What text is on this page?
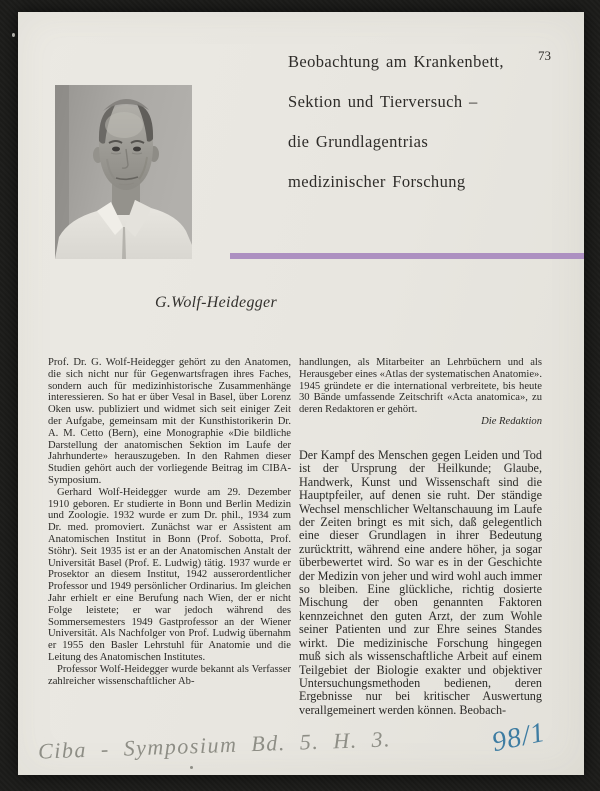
G.Wolf-Heidegger
Beobachtung am Krankenbett,
Sektion und Tierversuch –
die Grundlagentrias
medizinischer Forschung
73

Prof. Dr. G. Wolf-Heidegger gehört zu den Anatomen, die sich nicht nur für Gegenwartsfragen ihres Faches, sondern auch für medizinhistorische Zusammenhänge interessieren. So hat er über Vesal in Basel, über Lorenz Oken usw. publiziert und widmet sich seit einiger Zeit der Aufgabe, gemeinsam mit der Kunsthistorikerin Dr. A. M. Cetto (Bern), eine Monographie «Die bildliche Darstellung der anatomischen Sektion im Laufe der Jahrhunderte» herauszugeben. In den Rahmen dieser Studien gehört auch der vorliegende Beitrag im CIBA-Symposium.

Gerhard Wolf-Heidegger wurde am 29. Dezember 1910 geboren. Er studierte in Bonn und Berlin Medizin und Zoologie. 1932 wurde er zum Dr. phil., 1934 zum Dr. med. promoviert. Zunächst war er Assistent am Anatomischen Institut in Bonn (Prof. Sobotta, Prof. Stöhr). Seit 1935 ist er an der Anatomischen Anstalt der Universität Basel (Prof. E. Ludwig) tätig. 1937 wurde er Prosektor an diesem Institut, 1942 ausserordentlicher Professor und 1949 persönlicher Ordinarius. Im gleichen Jahr erhielt er eine Berufung nach Wien, der er nicht Folge leistete; er war jedoch während des Sommersemesters 1949 Gastprofessor an der Wiener Universität. Als Nachfolger von Prof. Ludwig übernahm er 1955 den Basler Lehrstuhl für Anatomie und die Leitung des Anatomischen Institutes.

Professor Wolf-Heidegger wurde bekannt als Verfasser zahlreicher wissenschaftlicher Ab-

handlungen, als Mitarbeiter an Lehrbüchern und als Herausgeber eines «Atlas der systematischen Anatomie». 1945 gründete er die international verbreitete, bis heute 30 Bände umfassende Zeitschrift «Acta anatomica», zu deren Redaktoren er gehört.
Die Redaktion

Der Kampf des Menschen gegen Leiden und Tod ist der Ursprung der Heilkunde; Glaube, Handwerk, Kunst und Wissenschaft sind die Hauptpfeiler, auf denen sie ruht. Der ständige Wechsel menschlicher Weltanschauung im Laufe der Zeiten bringt es mit sich, daß gelegentlich eine dieser Grundlagen in ihrer Bedeutung zurücktritt, während eine andere höher, ja sogar überbewertet wird. So war es in der Geschichte der Medizin von jeher und wird wohl auch immer so bleiben. Eine glückliche, richtig dosierte Mischung der oben genannten Faktoren kennzeichnet den guten Arzt, der zum Wohle seiner Patienten und zur Ehre seines Standes wirkt. Die medizinische Forschung hingegen muß sich als wissenschaftliche Arbeit auf einem Teilgebiet der Biologie exakter und objektiver Untersuchungsmethoden bedienen, deren Ergebnisse nur bei kritischer Auswertung verallgemeinert werden können. Beobach-

Ciba - Symposium Bd. 5. H. 3.	98/1
